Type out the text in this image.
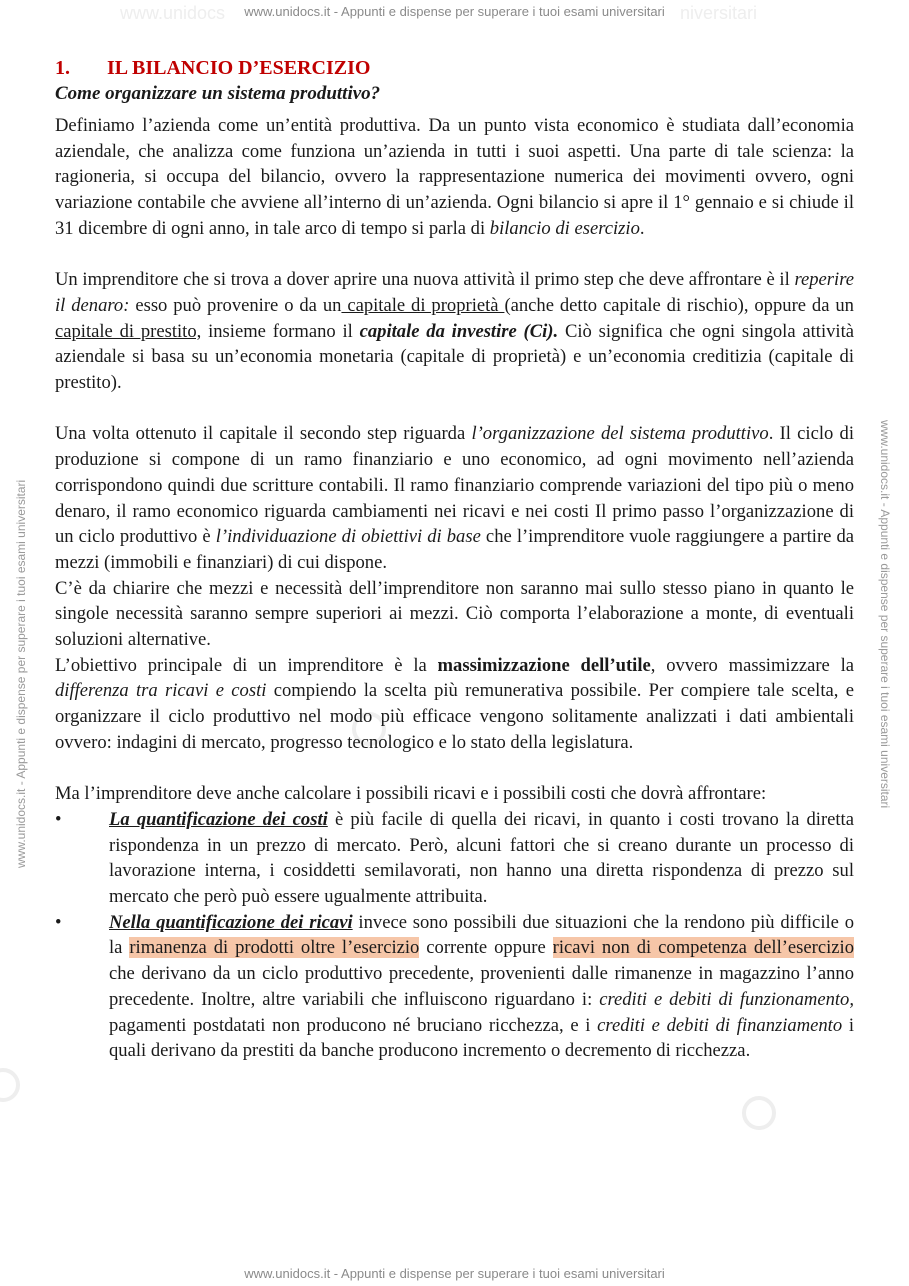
www.unidocs	niversitari
www.unidocs.it - Appunti e dispense per superare i tuoi esami universitari
www.unidocs.it - Appunti e dispense per superare i tuoi esami universitari	www.unidocs.it - Appunti e dispense per superare i tuoi esami universitari
www.unidocs.it - Appunti e dispense per superare i tuoi esami universitari
1.	IL BILANCIO D’ESERCIZIO
Come organizzare un sistema produttivo?

Definiamo l’azienda come un’entità produttiva. Da un punto vista economico è studiata dall’economia aziendale, che analizza come funziona un’azienda in tutti i suoi aspetti. Una parte di tale scienza: la ragioneria, si occupa del bilancio, ovvero la rappresentazione numerica dei movimenti ovvero, ogni variazione contabile che avviene all’interno di un’azienda. Ogni bilancio si apre il 1° gennaio e si chiude il 31 dicembre di ogni anno, in tale arco di tempo si parla di bilancio di esercizio.

Un imprenditore che si trova a dover aprire una nuova attività il primo step che deve affrontare è il reperire il denaro: esso può provenire o da un capitale di proprietà (anche detto capitale di rischio), oppure da un capitale di prestito, insieme formano il capitale da investire (Ci). Ciò significa che ogni singola attività aziendale si basa su un’economia monetaria (capitale di proprietà) e un’economia creditizia (capitale di prestito).

Una volta ottenuto il capitale il secondo step riguarda l’organizzazione del sistema produttivo. Il ciclo di produzione si compone di un ramo finanziario e uno economico, ad ogni movimento nell’azienda corrispondono quindi due scritture contabili. Il ramo finanziario comprende variazioni del tipo più o meno denaro, il ramo economico riguarda cambiamenti nei ricavi e nei costi Il primo passo l’organizzazione di un ciclo produttivo è l’individuazione di obiettivi di base che l’imprenditore vuole raggiungere a partire da mezzi (immobili e finanziari) di cui dispone.

C’è da chiarire che mezzi e necessità dell’imprenditore non saranno mai sullo stesso piano in quanto le singole necessità saranno sempre superiori ai mezzi. Ciò comporta l’elaborazione a monte, di eventuali soluzioni alternative.

L’obiettivo principale di un imprenditore è la massimizzazione dell’utile, ovvero massimizzare la differenza tra ricavi e costi compiendo la scelta più remunerativa possibile. Per compiere tale scelta, e organizzare il ciclo produttivo nel modo più efficace vengono solitamente analizzati i dati ambientali ovvero: indagini di mercato, progresso tecnologico e lo stato della legislatura.

Ma l’imprenditore deve anche calcolare i possibili ricavi e i possibili costi che dovrà affrontare:

•	La quantificazione dei costi è più facile di quella dei ricavi, in quanto i costi trovano la diretta rispondenza in un prezzo di mercato. Però, alcuni fattori che si creano durante un processo di lavorazione interna, i cosiddetti semilavorati, non hanno una diretta rispondenza di prezzo sul mercato che però può essere ugualmente attribuita.
•	Nella quantificazione dei ricavi invece sono possibili due situazioni che la rendono più difficile o la rimanenza di prodotti oltre l’esercizio corrente oppure ricavi non di competenza dell’esercizio che derivano da un ciclo produttivo precedente, provenienti dalle rimanenze in magazzino l’anno precedente. Inoltre, altre variabili che influiscono riguardano i: crediti e debiti di funzionamento, pagamenti postdatati non producono né bruciano ricchezza, e i crediti e debiti di finanziamento i quali derivano da prestiti da banche producono incremento o decremento di ricchezza.
